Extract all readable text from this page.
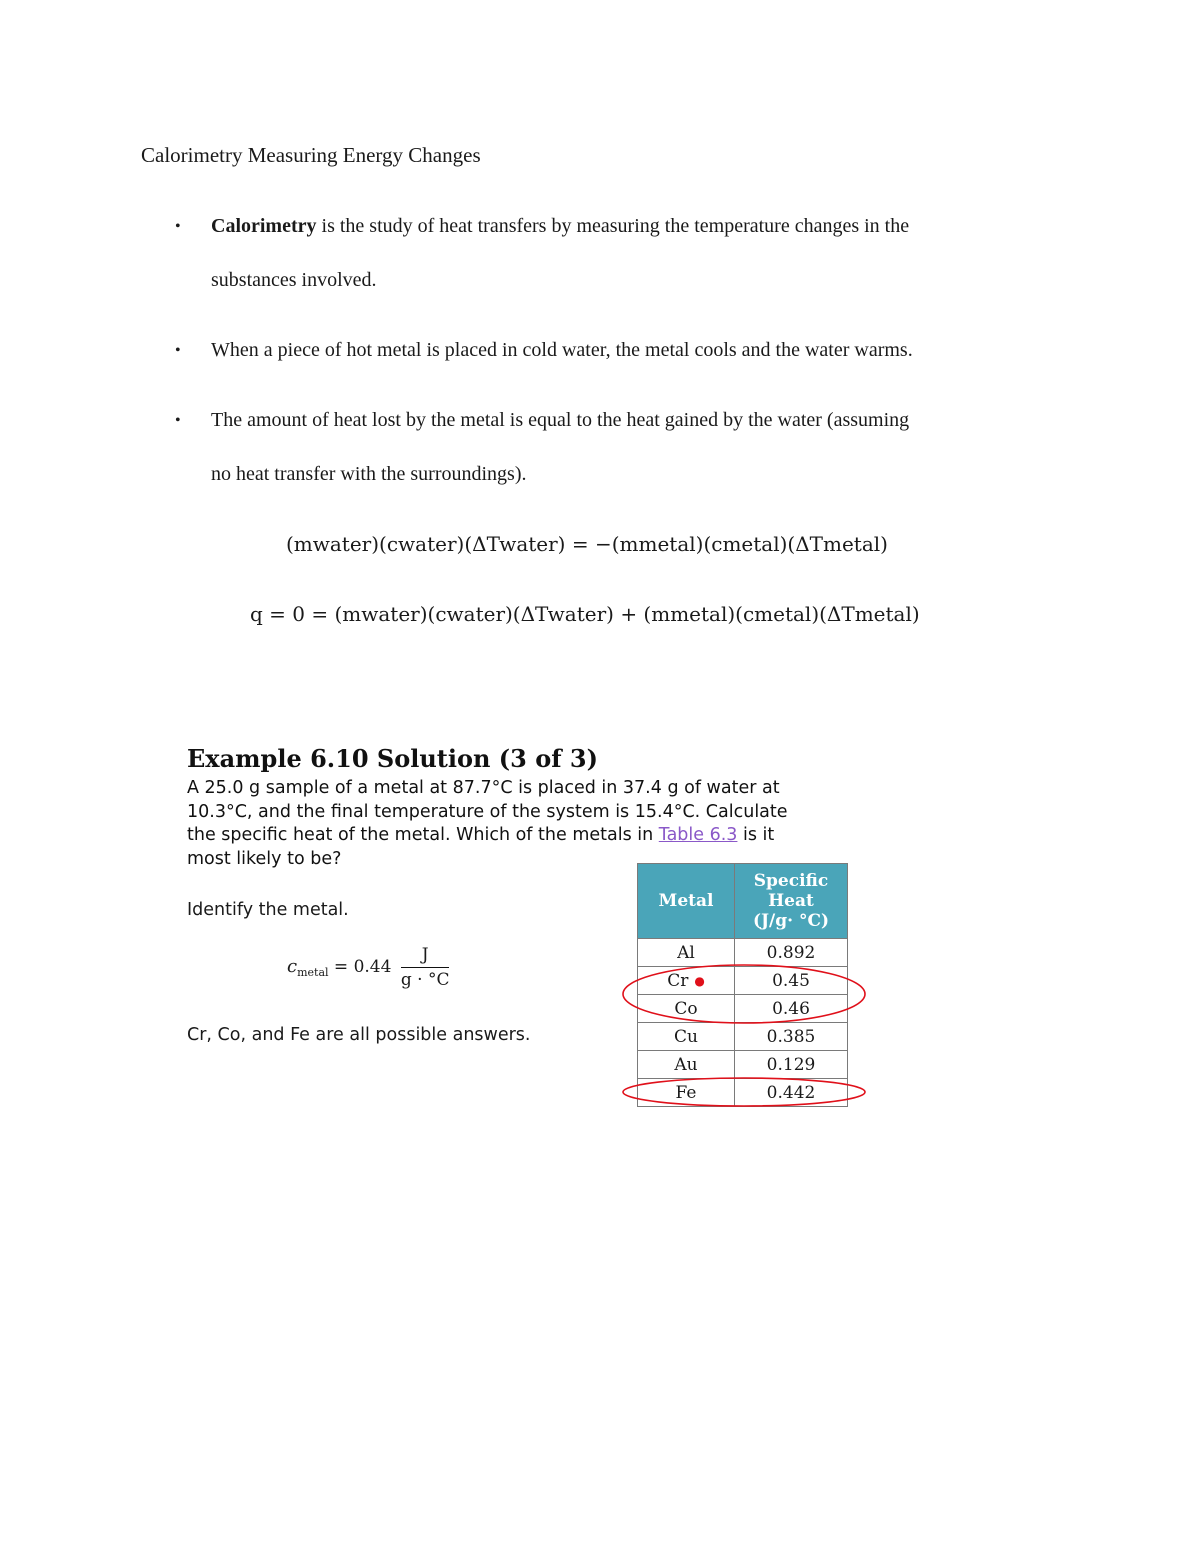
Calorimetry Measuring Energy Changes
• Calorimetry is the study of heat transfers by measuring the temperature changes in the
substances involved.
• When a piece of hot metal is placed in cold water, the metal cools and the water warms.
• The amount of heat lost by the metal is equal to the heat gained by the water (assuming
no heat transfer with the surroundings).
(mwater)(cwater)(ΔTwater) = −(mmetal)(cmetal)(ΔTmetal)
q = 0 = (mwater)(cwater)(ΔTwater) + (mmetal)(cmetal)(ΔTmetal)
Example 6.10 Solution (3 of 3)
A 25.0 g sample of a metal at 87.7°C is placed in 37.4 g of water at 10.3°C, and the final temperature of the system is 15.4°C. Calculate the specific heat of the metal. Which of the metals in Table 6.3 is it most likely to be?
Identify the metal.
$c_{metal} = 0.44 \frac{J}{g \cdot ^\circ C}$
Cr, Co, and Fe are all possible answers.
Metal	Specific
Heat
(J/g· °C)
Al	0.892
Cr ●	0.45
Co	0.46
Cu	0.385
Au	0.129
Fe	0.442
